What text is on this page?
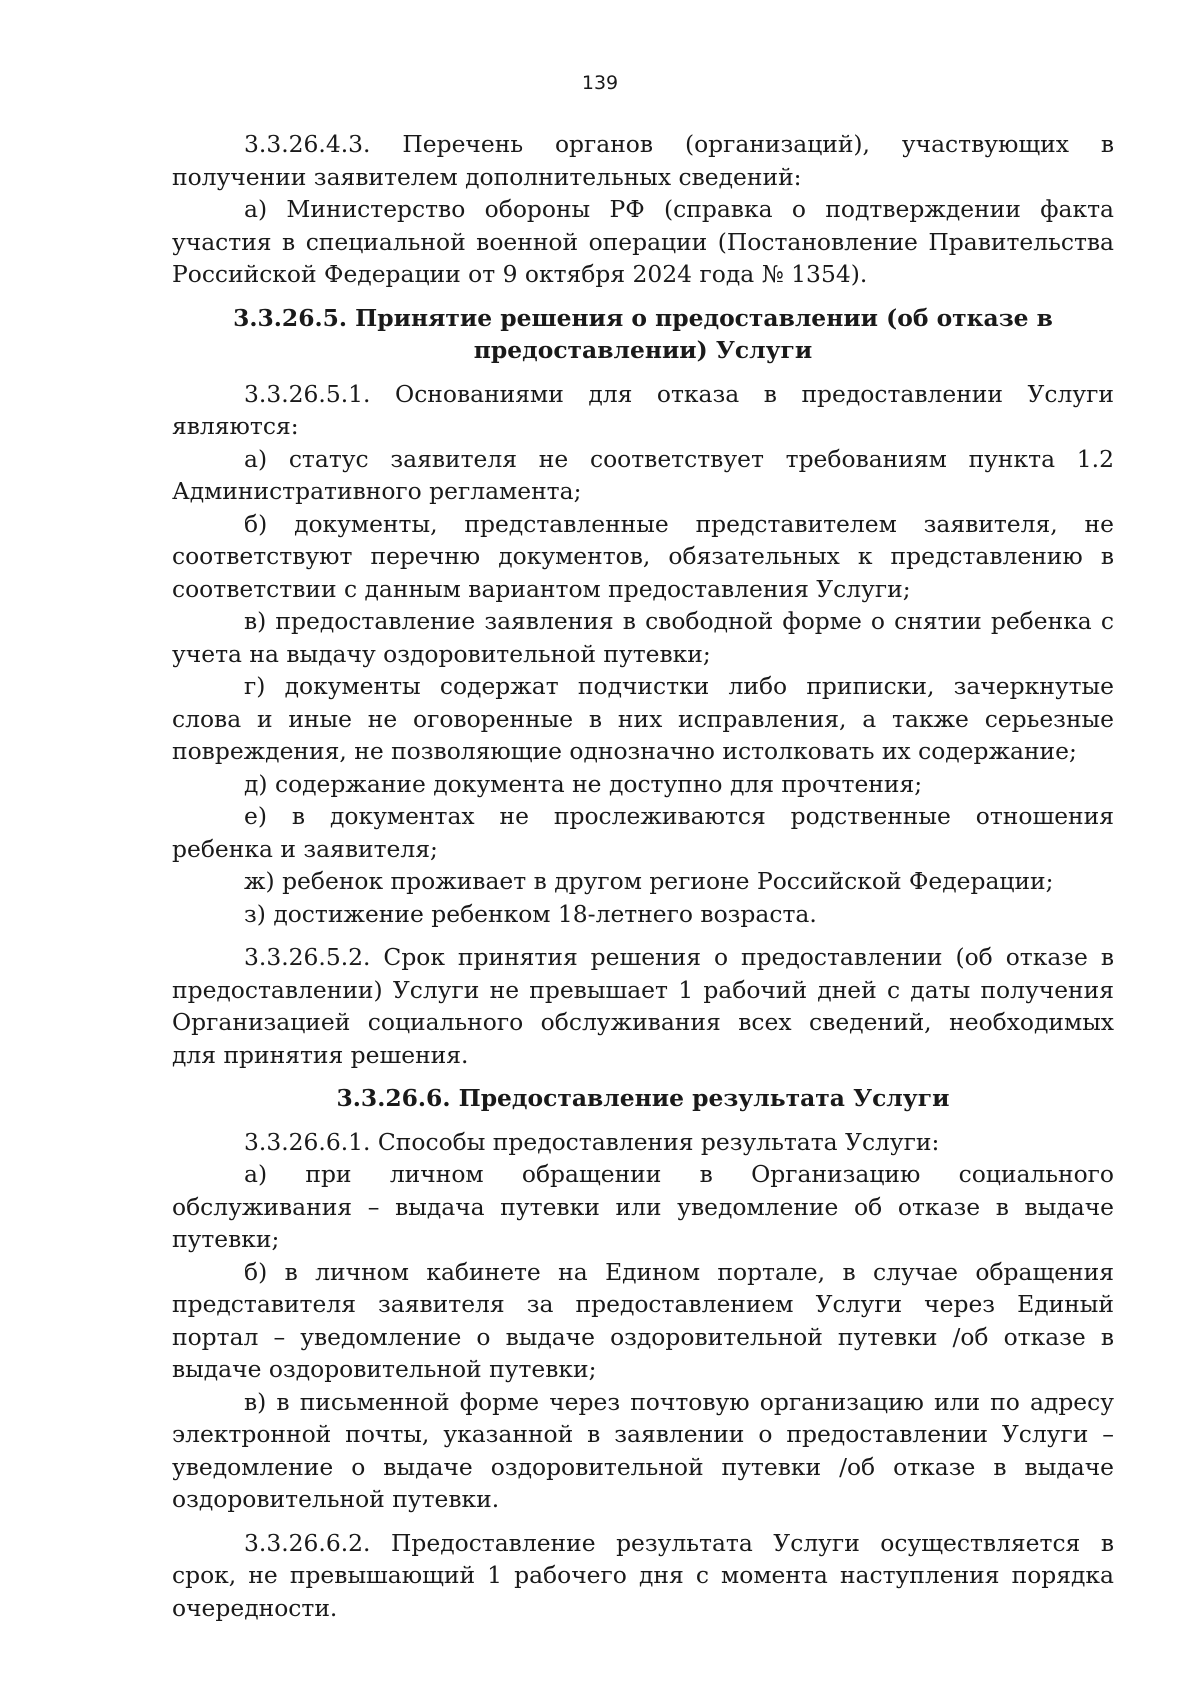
139

3.3.26.4.3. Перечень органов (организаций), участвующих в получении заявителем дополнительных сведений:

а) Министерство обороны РФ (справка о подтверждении факта участия в специальной военной операции (Постановление Правительства Российской Федерации от 9 октября 2024 года № 1354).

3.3.26.5. Принятие решения о предоставлении (об отказе в
предоставлении) Услуги

3.3.26.5.1. Основаниями для отказа в предоставлении Услуги являются:

а) статус заявителя не соответствует требованиям пункта 1.2 Административного регламента;

б) документы, представленные представителем заявителя, не соответствуют перечню документов, обязательных к представлению в соответствии с данным вариантом предоставления Услуги;

в) предоставление заявления в свободной форме о снятии ребенка с учета на выдачу оздоровительной путевки;

г) документы содержат подчистки либо приписки, зачеркнутые слова и иные не оговоренные в них исправления, а также серьезные повреждения, не позволяющие однозначно истолковать их содержание;

д) содержание документа не доступно для прочтения;

е) в документах не прослеживаются родственные отношения ребенка и заявителя;

ж) ребенок проживает в другом регионе Российской Федерации;

з) достижение ребенком 18-летнего возраста.

3.3.26.5.2. Срок принятия решения о предоставлении (об отказе в предоставлении) Услуги не превышает 1 рабочий дней с даты получения Организацией социального обслуживания всех сведений, необходимых для принятия решения.

3.3.26.6. Предоставление результата Услуги

3.3.26.6.1. Способы предоставления результата Услуги:

а) при личном обращении в Организацию социального обслуживания – выдача путевки или уведомление об отказе в выдаче путевки;

б) в личном кабинете на Едином портале, в случае обращения представителя заявителя за предоставлением Услуги через Единый портал – уведомление о выдаче оздоровительной путевки /об отказе в выдаче оздоровительной путевки;

в) в письменной форме через почтовую организацию или по адресу электронной почты, указанной в заявлении о предоставлении Услуги – уведомление о выдаче оздоровительной путевки /об отказе в выдаче оздоровительной путевки.

3.3.26.6.2. Предоставление результата Услуги осуществляется в срок, не превышающий 1 рабочего дня с момента наступления порядка очередности.
